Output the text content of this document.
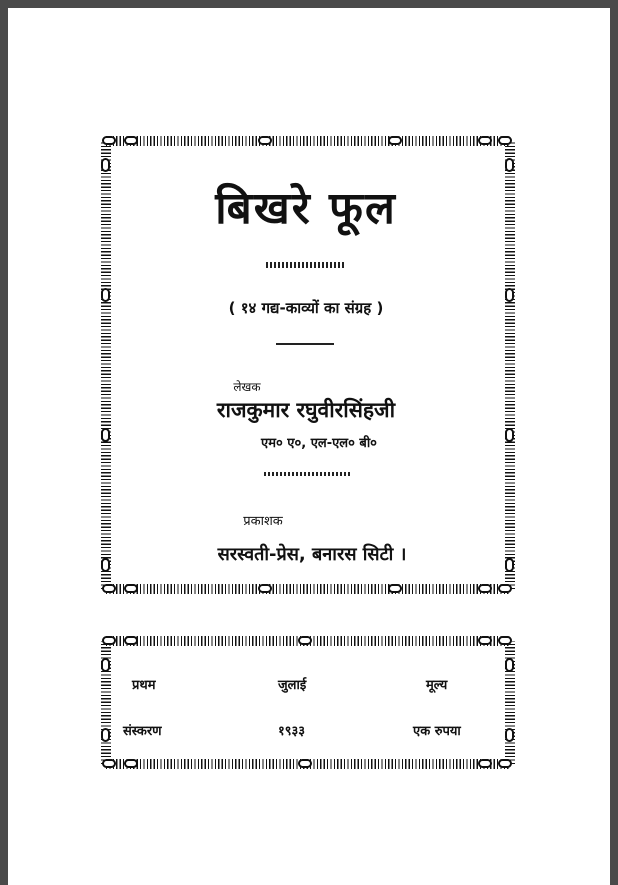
बिखरे फूल
( १४ गद्य-काव्यों का संग्रह )
लेखक
राजकुमार रघुवीरसिंहजी
एम० ए०, एल-एल० बी०
प्रकाशक
सरस्वती-प्रेस, बनारस सिटी ।
प्रथम	जुलाई	मूल्य
संस्करण	१९३३	एक रुपया
